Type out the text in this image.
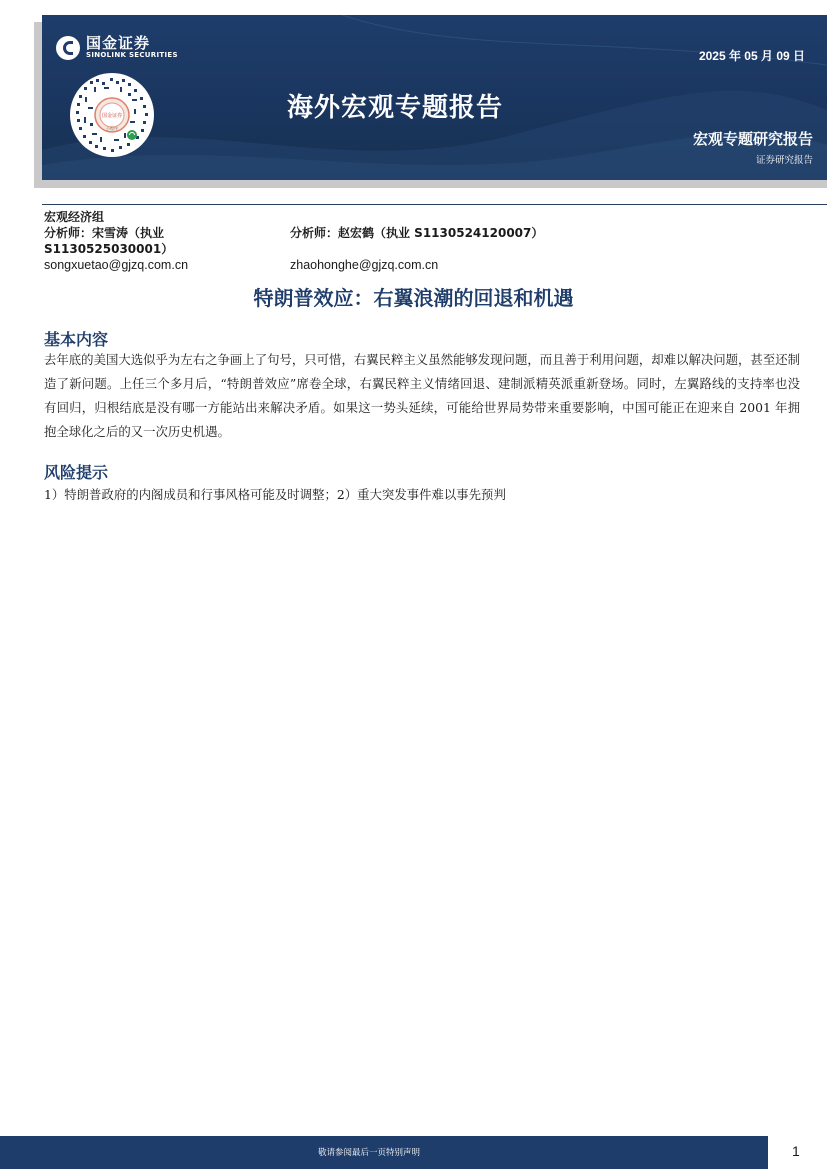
国金证券
SINOLINK SECURITIES
国金证券
小程序
2025 年 05 月 09 日
海外宏观专题报告
宏观专题研究报告
证券研究报告
宏观经济组
分析师：宋雪涛（执业 S1130525030001）
分析师：赵宏鹤（执业 S1130524120007）
songxuetao@gjzq.com.cn	zhaohonghe@gjzq.com.cn
特朗普效应：右翼浪潮的回退和机遇
基本内容
去年底的美国大选似乎为左右之争画上了句号，只可惜，右翼民粹主义虽然能够发现问题，而且善于利用问题，却难以解决问题，甚至还制造了新问题。上任三个多月后，“特朗普效应”席卷全球，右翼民粹主义情绪回退、建制派精英派重新登场。同时，左翼路线的支持率也没有回归，归根结底是没有哪一方能站出来解决矛盾。如果这一势头延续，可能给世界局势带来重要影响，中国可能正在迎来自 2001 年拥抱全球化之后的又一次历史机遇。
风险提示
1）特朗普政府的内阁成员和行事风格可能及时调整；2）重大突发事件难以事先预判
敬请参阅最后一页特别声明	1
